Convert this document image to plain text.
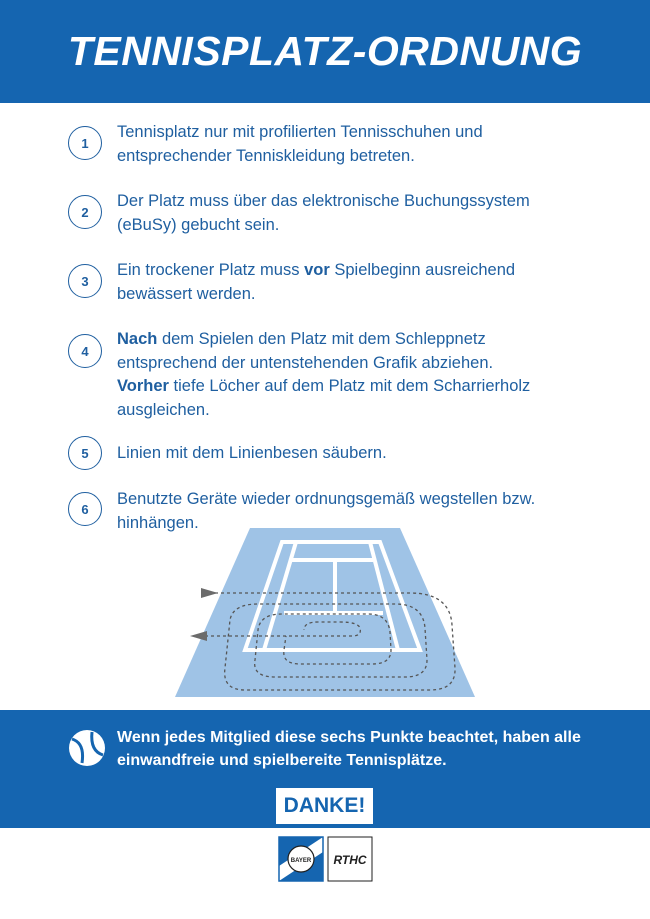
TENNISPLATZ-ORDNUNG
1
Tennisplatz nur mit profilierten Tennisschuhen und entsprechender Tenniskleidung betreten.
2
Der Platz muss über das elektronische Buchungssystem (eBuSy) gebucht sein.
3
Ein trockener Platz muss vor Spielbeginn ausreichend bewässert werden.
4
Nach dem Spielen den Platz mit dem Schleppnetz entsprechend der untenstehenden Grafik abziehen.
Vorher tiefe Löcher auf dem Platz mit dem Scharrierholz ausgleichen.
5	Linien mit dem Linienbesen säubern.
6
Benutzte Geräte wieder ordnungsgemäß wegstellen bzw. hinhängen.
Wenn jedes Mitglied diese sechs Punkte beachtet, haben alle einwandfreie und spielbereite Tennisplätze.
DANKE!
BAYER RTHC
